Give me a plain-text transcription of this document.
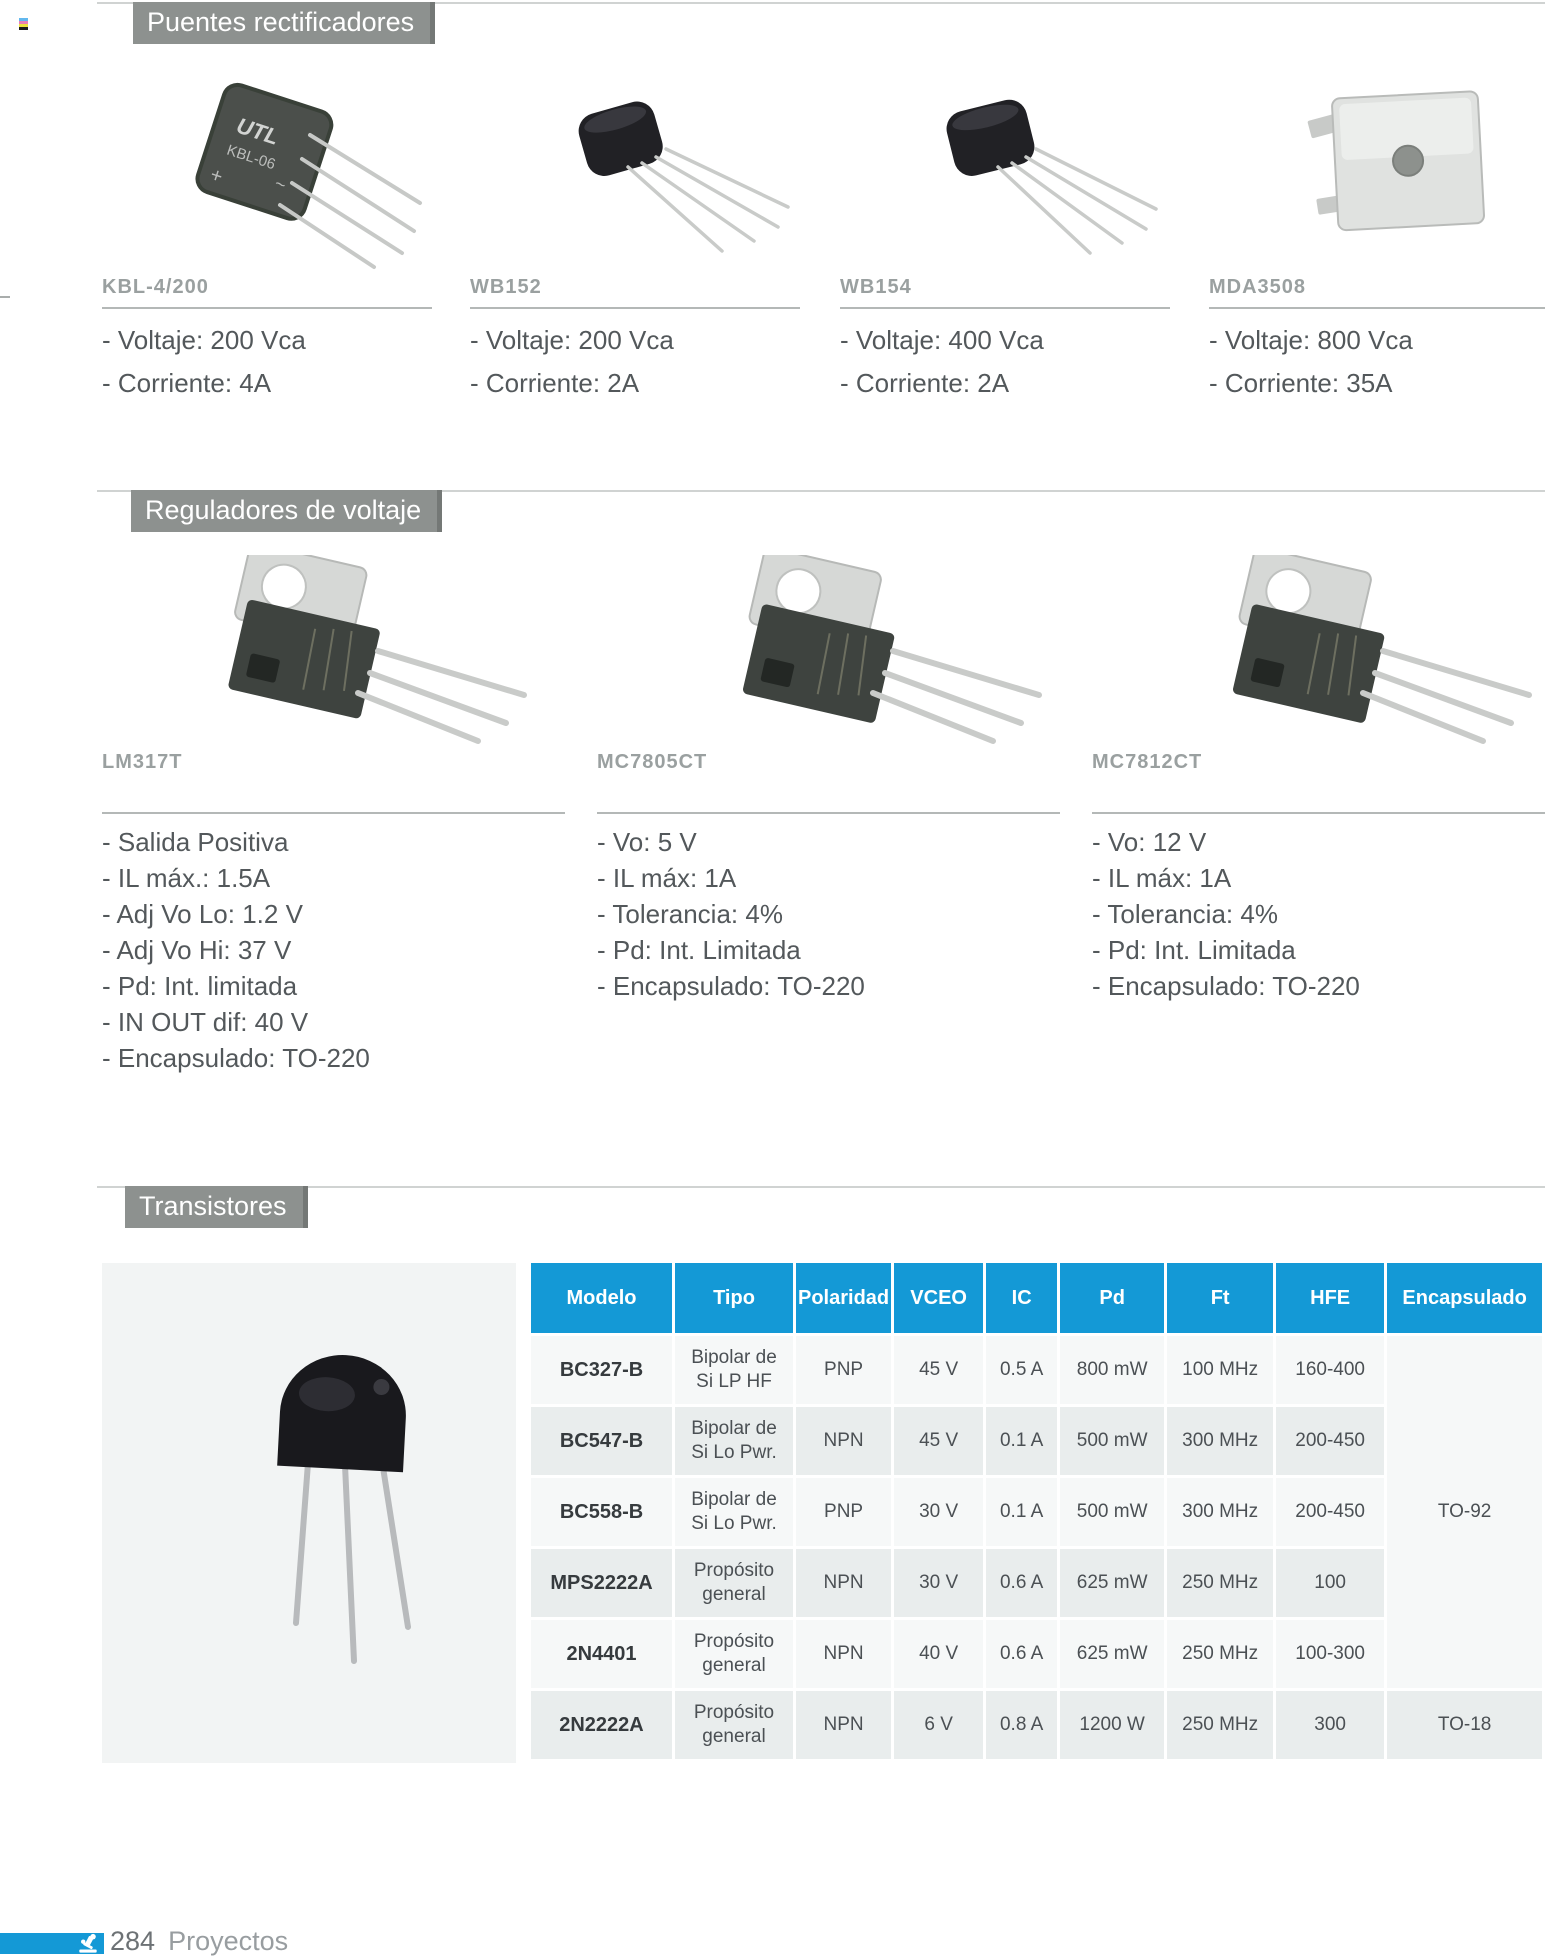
Puentes rectificadores
UTL
KBL-06
+	~
KBL-4/200
- Voltaje: 200 Vca
- Corriente: 4A
WB152
- Voltaje: 200 Vca
- Corriente: 2A
WB154
- Voltaje: 400 Vca
- Corriente: 2A
MDA3508
- Voltaje: 800 Vca
- Corriente: 35A
Reguladores de voltaje
LM317T
- Salida Positiva
- IL máx.: 1.5A
- Adj Vo Lo: 1.2 V
- Adj Vo Hi: 37 V
- Pd: Int. limitada
- IN OUT dif: 40 V
- Encapsulado: TO-220
MC7805CT
- Vo: 5 V
- IL máx: 1A
- Tolerancia: 4%
- Pd: Int. Limitada
- Encapsulado: TO-220
MC7812CT
- Vo: 12 V
- IL máx: 1A
- Tolerancia: 4%
- Pd: Int. Limitada
- Encapsulado: TO-220
Transistores
Modelo	Tipo	Polaridad	VCEO	IC	Pd	Ft	HFE	Encapsulado
BC327-B	Bipolar de Si LP HF	PNP	45 V	0.5 A	800 mW	100 MHz	160-400	TO-92
BC547-B	Bipolar de Si Lo Pwr.	NPN	45 V	0.1 A	500 mW	300 MHz	200-450	
BC558-B	Bipolar de Si Lo Pwr.	PNP	30 V	0.1 A	500 mW	300 MHz	200-450	
MPS2222A	Propósito general	NPN	30 V	0.6 A	625 mW	250 MHz	100	
2N4401	Propósito general	NPN	40 V	0.6 A	625 mW	250 MHz	100-300	
2N2222A	Propósito general	NPN	6 V	0.8 A	1200 W	250 MHz	300	TO-18
284 Proyectos
